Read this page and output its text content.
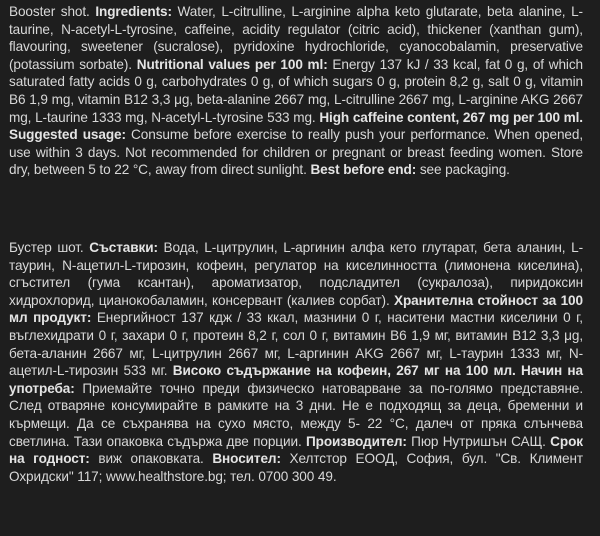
Booster shot. Ingredients: Water, L-citrulline, L-arginine alpha keto glutarate, beta alanine, L-taurine, N-acetyl-L-tyrosine, caffeine, acidity regulator (citric acid), thickener (xanthan gum), flavouring, sweetener (sucralose), pyridoxine hydrochloride, cyanocobalamin, preservative (potassium sorbate). Nutritional values per 100 ml: Energy 137 kJ / 33 kcal, fat 0 g, of which saturated fatty acids 0 g, carbohydrates 0 g, of which sugars 0 g, protein 8,2 g, salt 0 g, vitamin B6 1,9 mg, vitamin B12 3,3 μg, beta-alanine 2667 mg, L-citrulline 2667 mg, L-arginine AKG 2667 mg, L-taurine 1333 mg, N-acetyl-L-tyrosine 533 mg. High caffeine content, 267 mg per 100 ml. Suggested usage: Consume before exercise to really push your performance. When opened, use within 3 days. Not recommended for children or pregnant or breast feeding women. Store dry, between 5 to 22 °C, away from direct sunlight. Best before end: see packaging.
Бустер шот. Съставки: Вода, L-цитрулин, L-аргинин алфа кето глутарат, бета аланин, L-таурин, N-ацетил-L-тирозин, кофеин, регулатор на киселинността (лимонена киселина), сгъстител (гума ксантан), ароматизатор, подсладител (сукралоза), пиридоксин хидрохлорид, цианокобаламин, консервант (калиев сорбат). Хранителна стойност за 100 мл продукт: Енергийност 137 кдж / 33 ккал, мазнини 0 г, наситени мастни киселини 0 г, въглехидрати 0 г, захари 0 г, протеин 8,2 г, сол 0 г, витамин B6 1,9 мг, витамин B12 3,3 μg, бета-аланин 2667 мг, L-цитрулин 2667 мг, L-аргинин AKG 2667 мг, L-таурин 1333 мг, N-ацетил-L-тирозин 533 мг. Високо съдържание на кофеин, 267 мг на 100 мл. Начин на употреба: Приемайте точно преди физическо натоварване за по-голямо представяне. След отваряне консумирайте в рамките на 3 дни. Не е подходящ за деца, бременни и кърмещи. Да се съхранява на сухо място, между 5- 22 °C, далеч от пряка слънчева светлина. Тази опаковка съдържа две порции. Производител: Пюр Нутришън САЩ. Срок на годност: виж опаковката. Вносител: Хелтстор ЕООД, София, бул. "Св. Климент Охридски" 117; www.healthstore.bg; тел. 0700 300 49.
